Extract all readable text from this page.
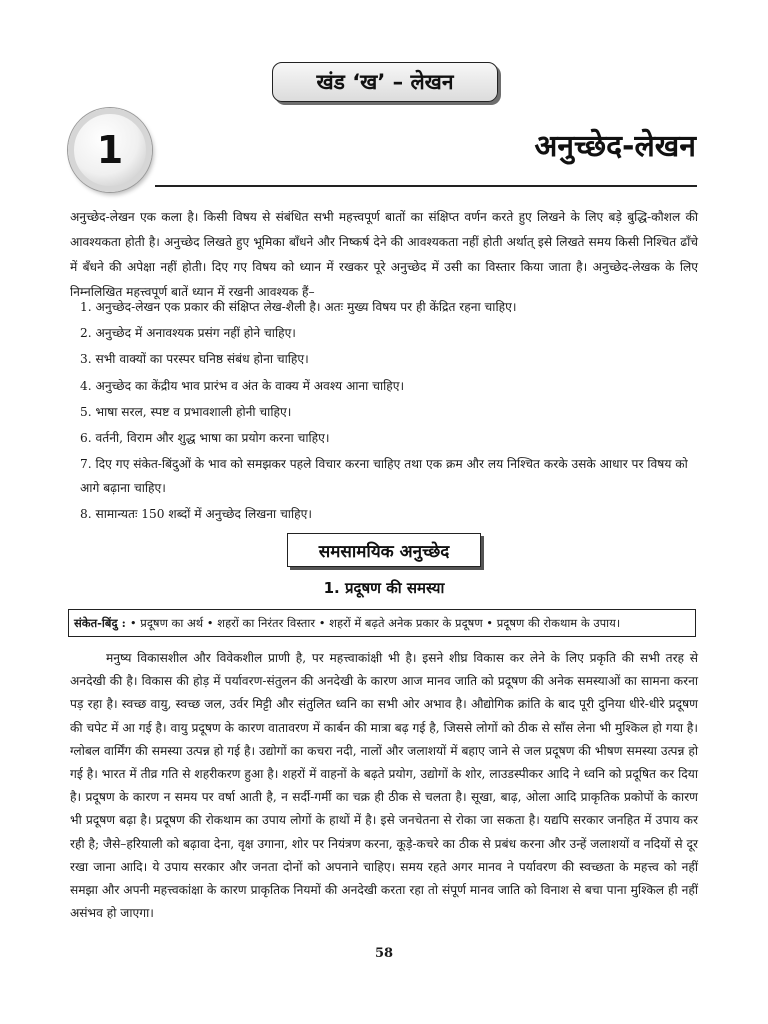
खंड ‘ख’ – लेखन
1	अनुच्छेद-लेखन

अनुच्छेद-लेखन एक कला है। किसी विषय से संबंधित सभी महत्त्वपूर्ण बातों का संक्षिप्त वर्णन करते हुए लिखने के लिए बड़े बुद्धि-कौशल की आवश्यकता होती है। अनुच्छेद लिखते हुए भूमिका बाँधने और निष्कर्ष देने की आवश्यकता नहीं होती अर्थात् इसे लिखते समय किसी निश्चित ढाँचे में बँधने की अपेक्षा नहीं होती। दिए गए विषय को ध्यान में रखकर पूरे अनुच्छेद में उसी का विस्तार किया जाता है। अनुच्छेद-लेखक के लिए निम्नलिखित महत्त्वपूर्ण बातें ध्यान में रखनी आवश्यक हैं–

1. अनुच्छेद-लेखन एक प्रकार की संक्षिप्त लेख-शैली है। अतः मुख्य विषय पर ही केंद्रित रहना चाहिए।
2. अनुच्छेद में अनावश्यक प्रसंग नहीं होने चाहिए।
3. सभी वाक्यों का परस्पर घनिष्ठ संबंध होना चाहिए।
4. अनुच्छेद का केंद्रीय भाव प्रारंभ व अंत के वाक्य में अवश्य आना चाहिए।
5. भाषा सरल, स्पष्ट व प्रभावशाली होनी चाहिए।
6. वर्तनी, विराम और शुद्ध भाषा का प्रयोग करना चाहिए।
7. दिए गए संकेत-बिंदुओं के भाव को समझकर पहले विचार करना चाहिए तथा एक क्रम और लय निश्चित करके उसके आधार पर विषय को आगे बढ़ाना चाहिए।
8. सामान्यतः 150 शब्दों में अनुच्छेद लिखना चाहिए।
समसामयिक अनुच्छेद
1. प्रदूषण की समस्या
संकेत-बिंदु : • प्रदूषण का अर्थ • शहरों का निरंतर विस्तार • शहरों में बढ़ते अनेक प्रकार के प्रदूषण • प्रदूषण की रोकथाम के उपाय।

मनुष्य विकासशील और विवेकशील प्राणी है, पर महत्त्वाकांक्षी भी है। इसने शीघ्र विकास कर लेने के लिए प्रकृति की सभी तरह से अनदेखी की है। विकास की होड़ में पर्यावरण-संतुलन की अनदेखी के कारण आज मानव जाति को प्रदूषण की अनेक समस्याओं का सामना करना पड़ रहा है। स्वच्छ वायु, स्वच्छ जल, उर्वर मिट्टी और संतुलित ध्वनि का सभी ओर अभाव है। औद्योगिक क्रांति के बाद पूरी दुनिया धीरे-धीरे प्रदूषण की चपेट में आ गई है। वायु प्रदूषण के कारण वातावरण में कार्बन की मात्रा बढ़ गई है, जिससे लोगों को ठीक से साँस लेना भी मुश्किल हो गया है। ग्लोबल वार्मिंग की समस्या उत्पन्न हो गई है। उद्योगों का कचरा नदी, नालों और जलाशयों में बहाए जाने से जल प्रदूषण की भीषण समस्या उत्पन्न हो गई है। भारत में तीव्र गति से शहरीकरण हुआ है। शहरों में वाहनों के बढ़ते प्रयोग, उद्योगों के शोर, लाउडस्पीकर आदि ने ध्वनि को प्रदूषित कर दिया है। प्रदूषण के कारण न समय पर वर्षा आती है, न सर्दी-गर्मी का चक्र ही ठीक से चलता है। सूखा, बाढ़, ओला आदि प्राकृतिक प्रकोपों के कारण भी प्रदूषण बढ़ा है। प्रदूषण की रोकथाम का उपाय लोगों के हाथों में है। इसे जनचेतना से रोका जा सकता है। यद्यपि सरकार जनहित में उपाय कर रही है; जैसे–हरियाली को बढ़ावा देना, वृक्ष उगाना, शोर पर नियंत्रण करना, कूड़े-कचरे का ठीक से प्रबंध करना और उन्हें जलाशयों व नदियों से दूर रखा जाना आदि। ये उपाय सरकार और जनता दोनों को अपनाने चाहिए। समय रहते अगर मानव ने पर्यावरण की स्वच्छता के महत्त्व को नहीं समझा और अपनी महत्त्वकांक्षा के कारण प्राकृतिक नियमों की अनदेखी करता रहा तो संपूर्ण मानव जाति को विनाश से बचा पाना मुश्किल ही नहीं असंभव हो जाएगा।

58
